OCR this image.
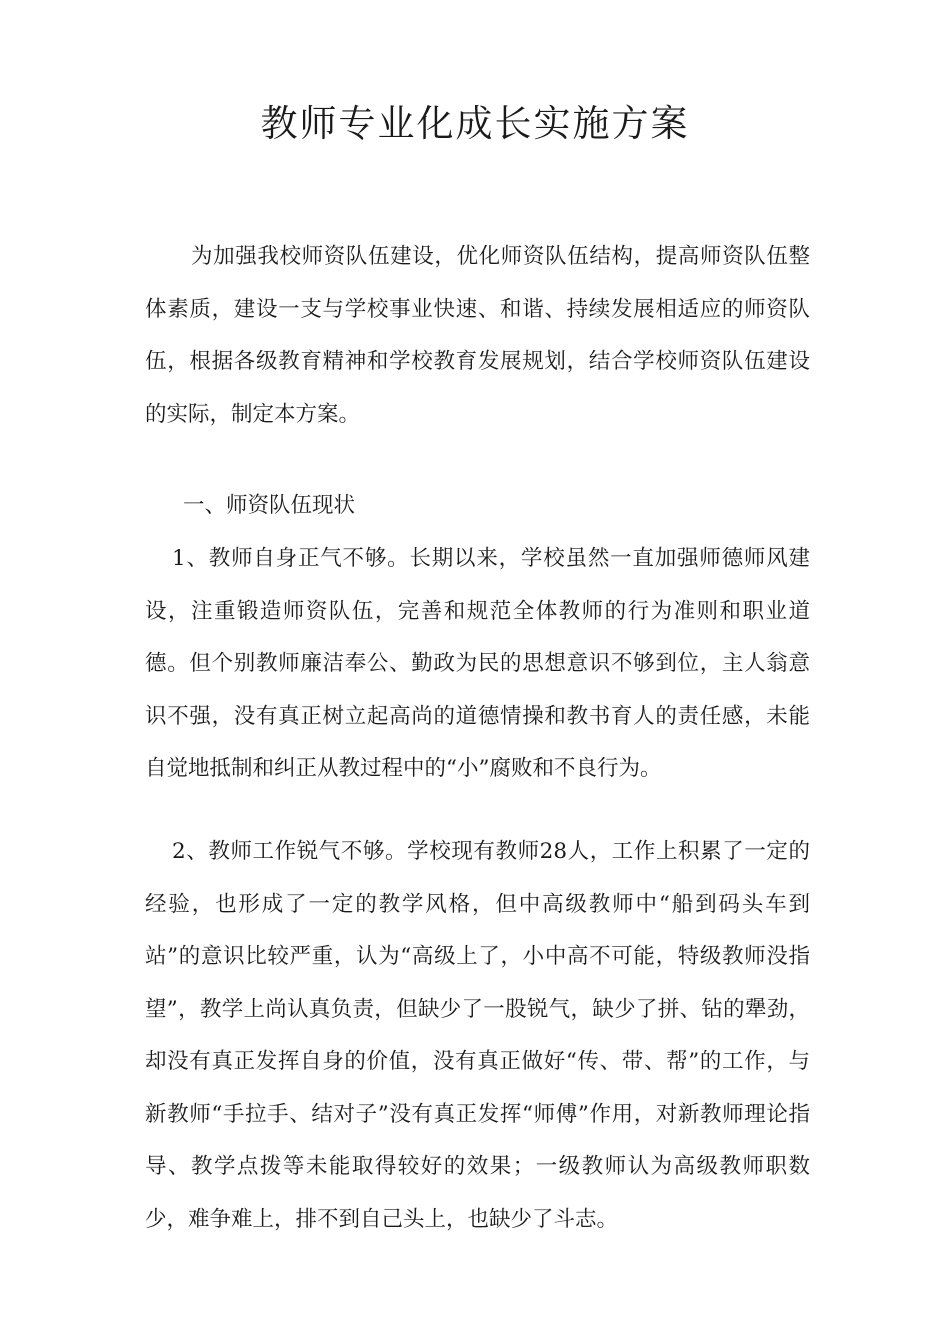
教师专业化成长实施方案

为加强我校师资队伍建设，优化师资队伍结构，提高师资队伍整体素质，建设一支与学校事业快速、和谐、持续发展相适应的师资队伍，根据各级教育精神和学校教育发展规划，结合学校师资队伍建设的实际，制定本方案。

一、师资队伍现状

1、教师自身正气不够。长期以来，学校虽然一直加强师德师风建设，注重锻造师资队伍，完善和规范全体教师的行为准则和职业道德。但个别教师廉洁奉公、勤政为民的思想意识不够到位，主人翁意识不强，没有真正树立起高尚的道德情操和教书育人的责任感，未能自觉地抵制和纠正从教过程中的“小”腐败和不良行为。

2、教师工作锐气不够。学校现有教师28人，工作上积累了一定的经验，也形成了一定的教学风格，但中高级教师中“船到码头车到站”的意识比较严重，认为“高级上了，小中高不可能，特级教师没指望”，教学上尚认真负责，但缺少了一股锐气，缺少了拼、钻的犟劲，却没有真正发挥自身的价值，没有真正做好“传、带、帮”的工作，与新教师“手拉手、结对子”没有真正发挥“师傅”作用，对新教师理论指导、教学点拨等未能取得较好的效果；一级教师认为高级教师职数少，难争难上，排不到自己头上，也缺少了斗志。
